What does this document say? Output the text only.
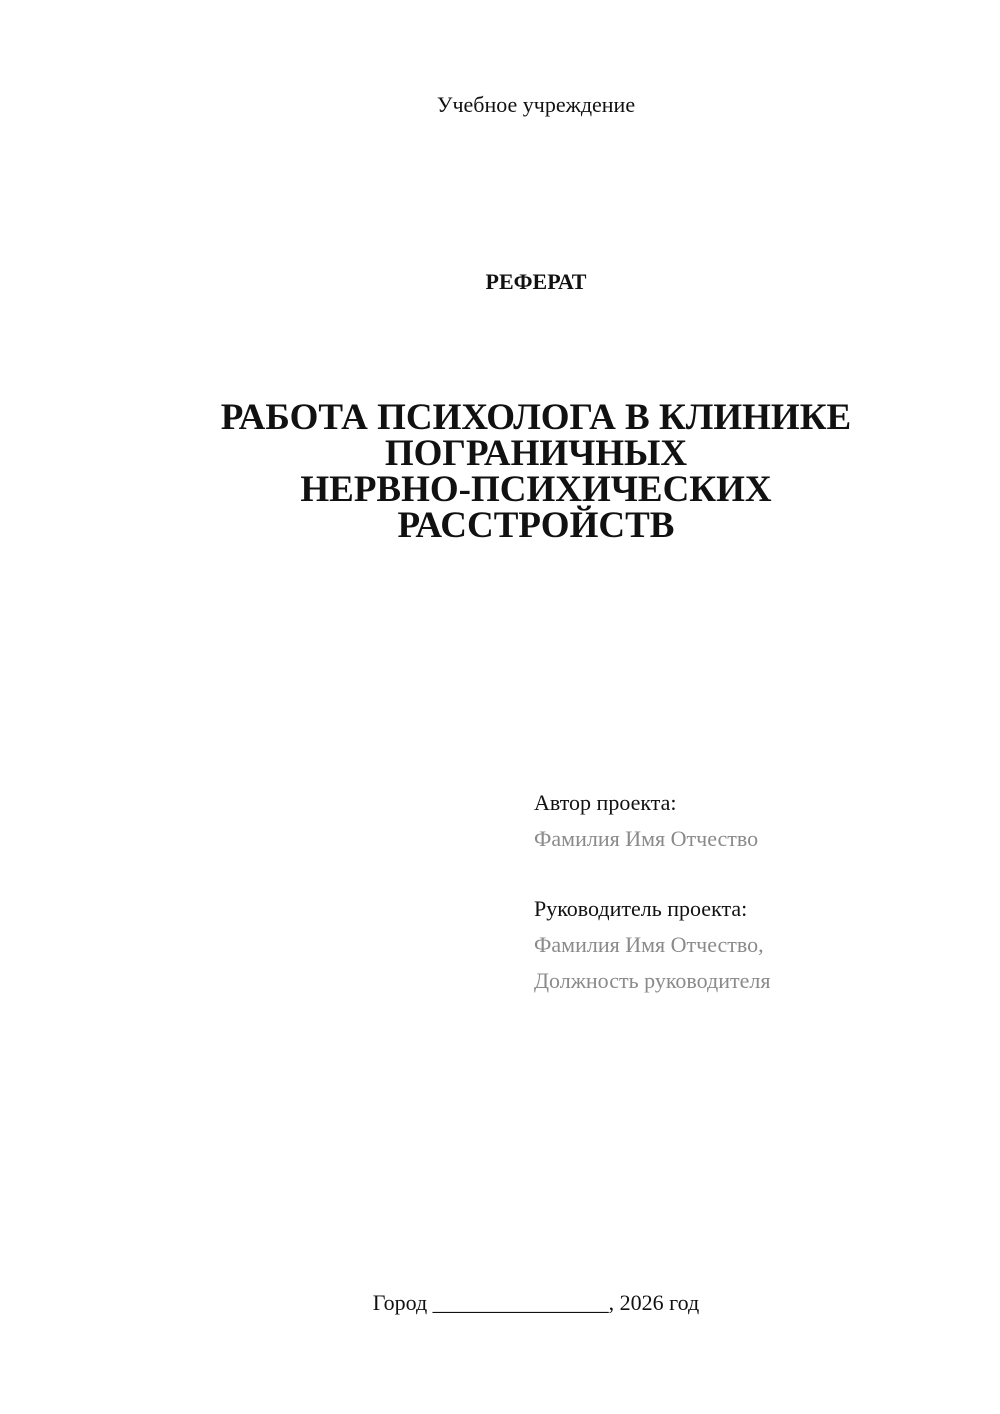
Учебное учреждение
РЕФЕРАТ
РАБОТА ПСИХОЛОГА В КЛИНИКЕ
ПОГРАНИЧНЫХ
НЕРВНО-ПСИХИЧЕСКИХ
РАССТРОЙСТВ
Автор проекта:
Фамилия Имя Отчество
Руководитель проекта:
Фамилия Имя Отчество,
Должность руководителя
Город ________________, 2026 год
